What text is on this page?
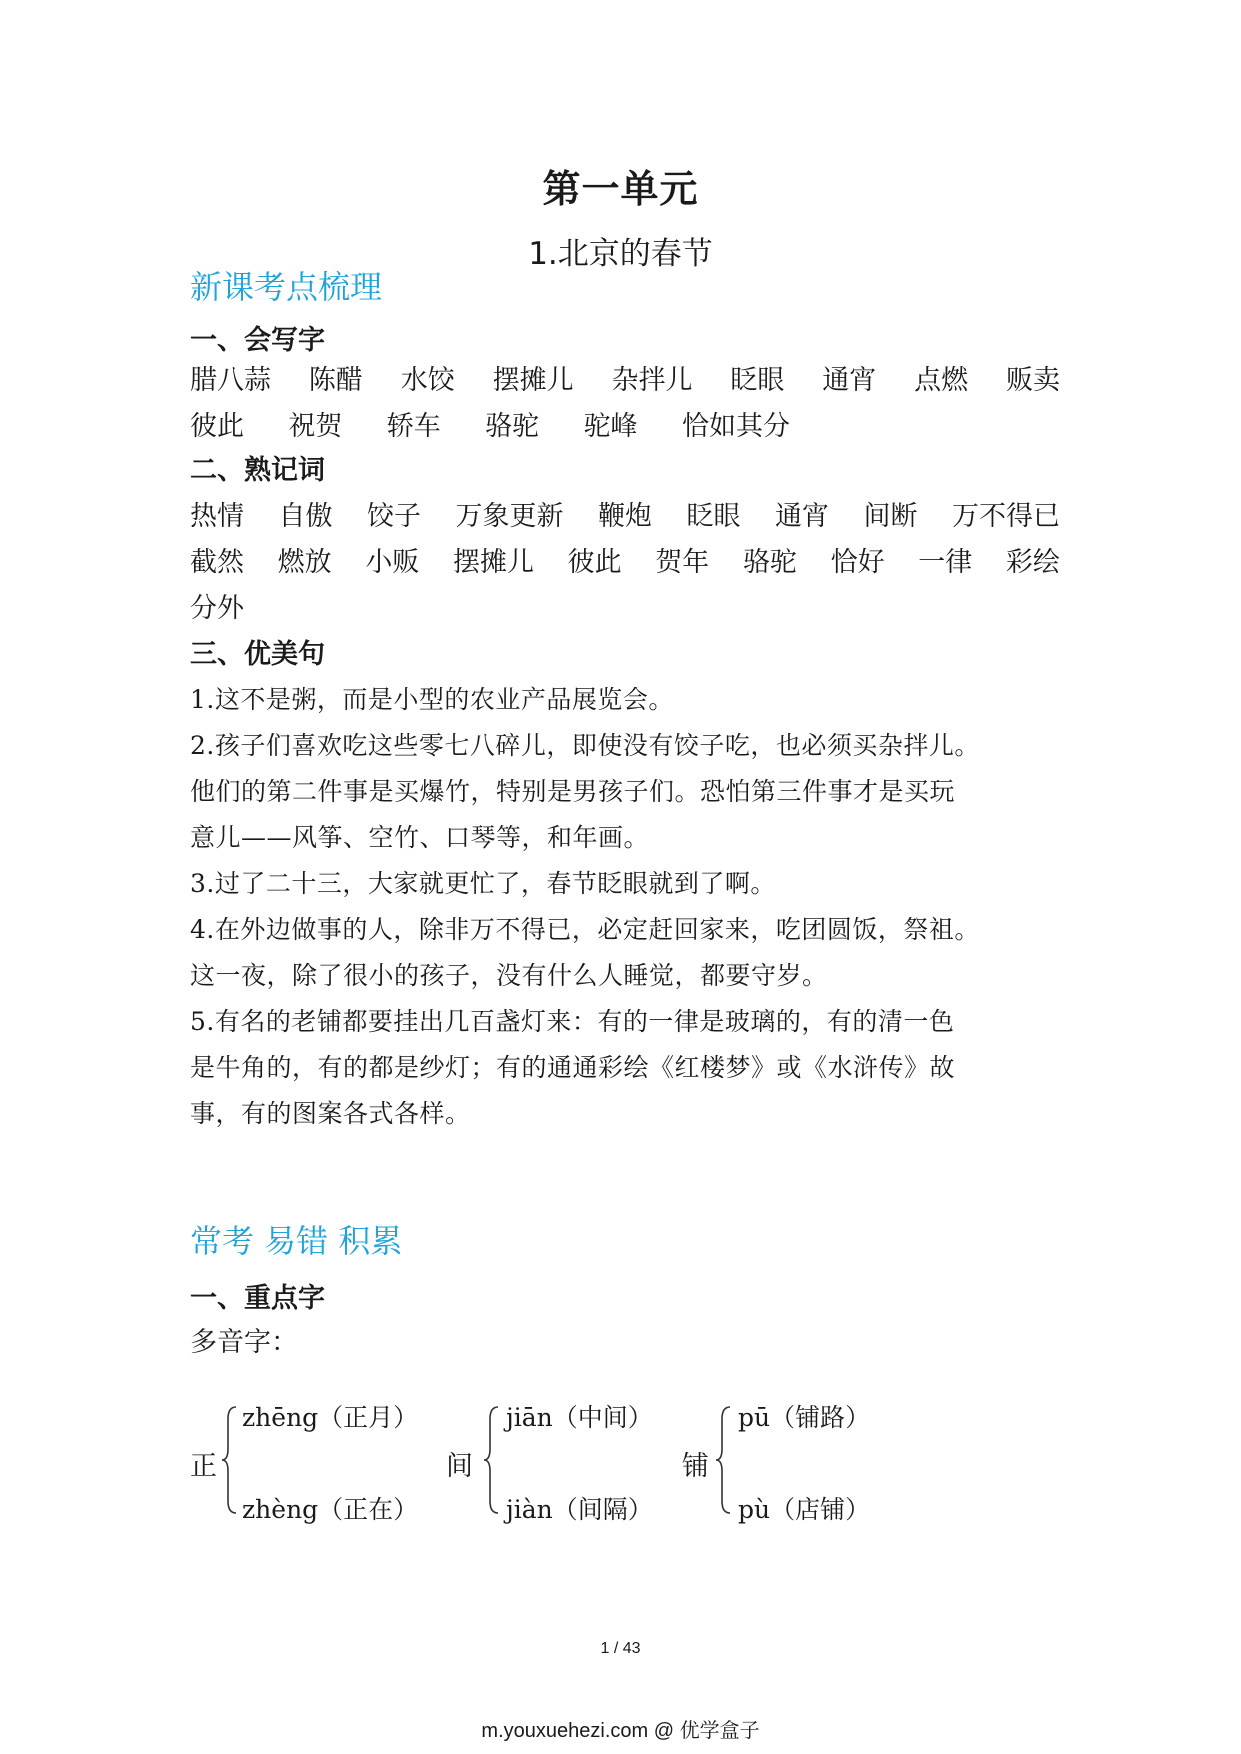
第一单元
1.北京的春节
新课考点梳理
一、会写字
腊八蒜 陈醋 水饺 摆摊儿 杂拌儿 眨眼 通宵 点燃 贩卖
彼此 祝贺 轿车 骆驼 驼峰 恰如其分
二、熟记词
热情 自傲 饺子 万象更新 鞭炮 眨眼 通宵 间断 万不得已
截然 燃放 小贩 摆摊儿 彼此 贺年 骆驼 恰好 一律 彩绘
分外
三、优美句
1.这不是粥，而是小型的农业产品展览会。
2.孩子们喜欢吃这些零七八碎儿，即使没有饺子吃，也必须买杂拌儿。
他们的第二件事是买爆竹，特别是男孩子们。恐怕第三件事才是买玩
意儿——风筝、空竹、口琴等，和年画。
3.过了二十三，大家就更忙了，春节眨眼就到了啊。
4.在外边做事的人，除非万不得已，必定赶回家来，吃团圆饭，祭祖。
这一夜，除了很小的孩子，没有什么人睡觉，都要守岁。
5.有名的老铺都要挂出几百盏灯来：有的一律是玻璃的，有的清一色
是牛角的，有的都是纱灯；有的通通彩绘《红楼梦》或《水浒传》故
事，有的图案各式各样。
常考 易错 积累
一、重点字
多音字：
正
zhēng（正月）
zhèng（正在）
间
jiān（中间）
jiàn（间隔）
铺
pū（铺路）
pù（店铺）
1 / 43
m.youxuehezi.com @ 优学盒子
